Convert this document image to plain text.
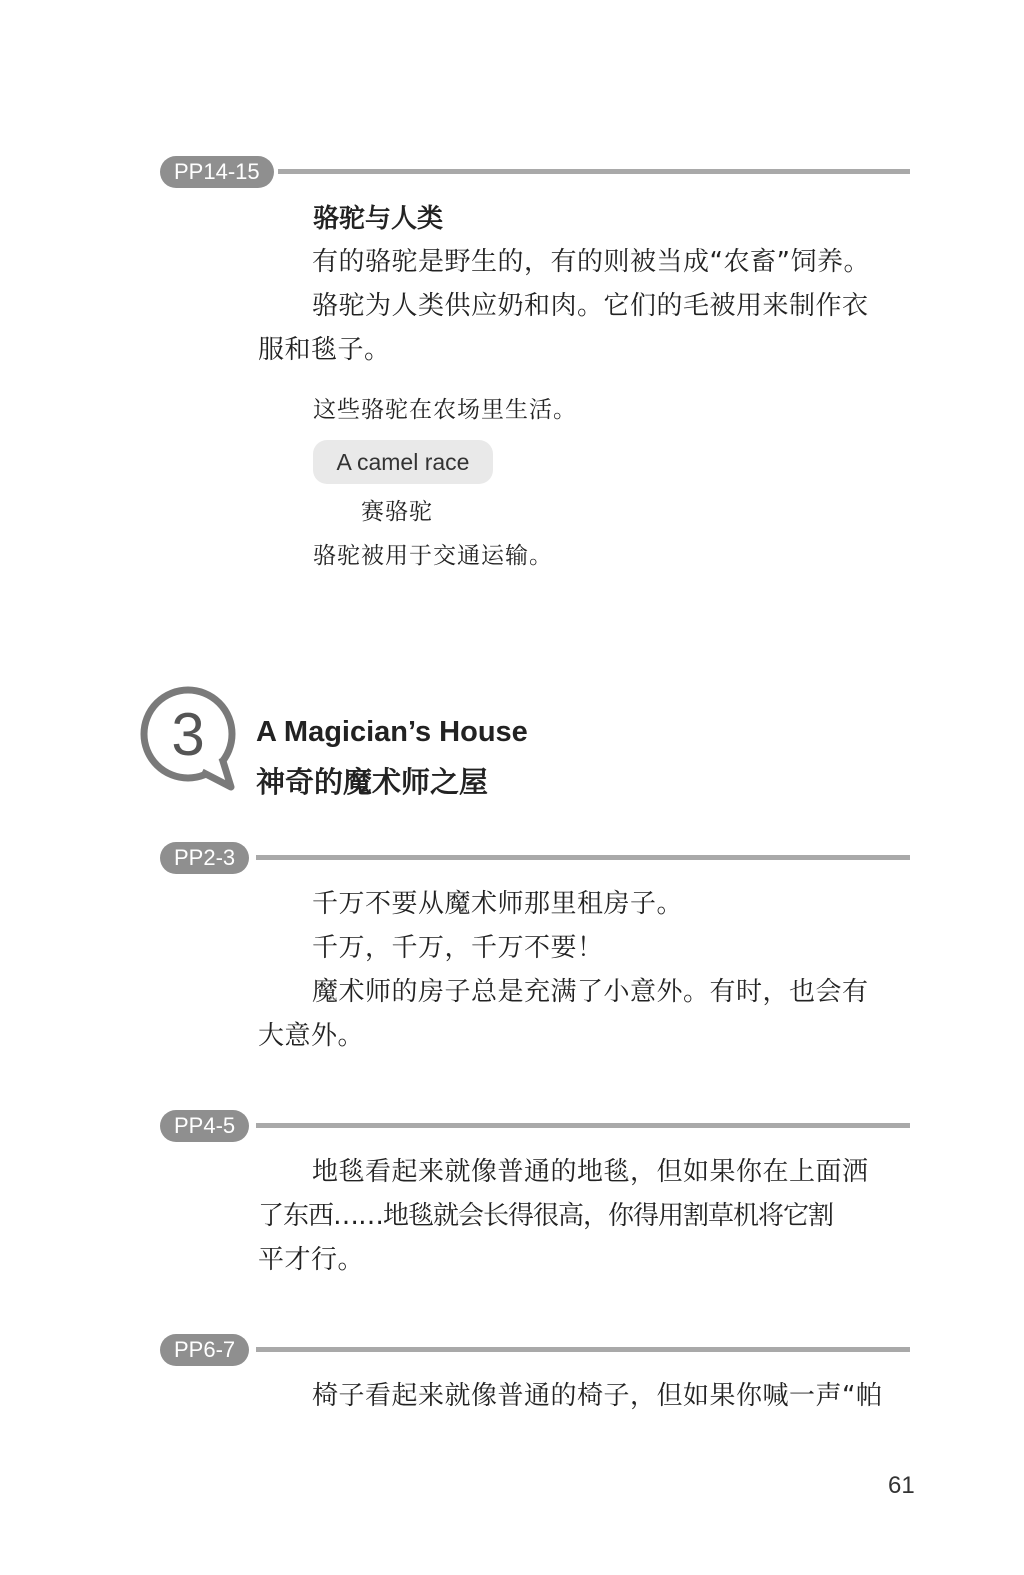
PP14-15

骆驼与人类

有的骆驼是野生的，有的则被当成“农畜”饲养。

骆驼为人类供应奶和肉。它们的毛被用来制作衣

服和毯子。

这些骆驼在农场里生活。

A camel race

赛骆驼

骆驼被用于交通运输。

3 A Magician’s House

神奇的魔术师之屋

PP2-3

千万不要从魔术师那里租房子。

千万，千万，千万不要！

魔术师的房子总是充满了小意外。有时，也会有

大意外。

PP4-5

地毯看起来就像普通的地毯，但如果你在上面洒

了东西……地毯就会长得很高，你得用割草机将它割

平才行。

PP6-7

椅子看起来就像普通的椅子，但如果你喊一声“帕

61
